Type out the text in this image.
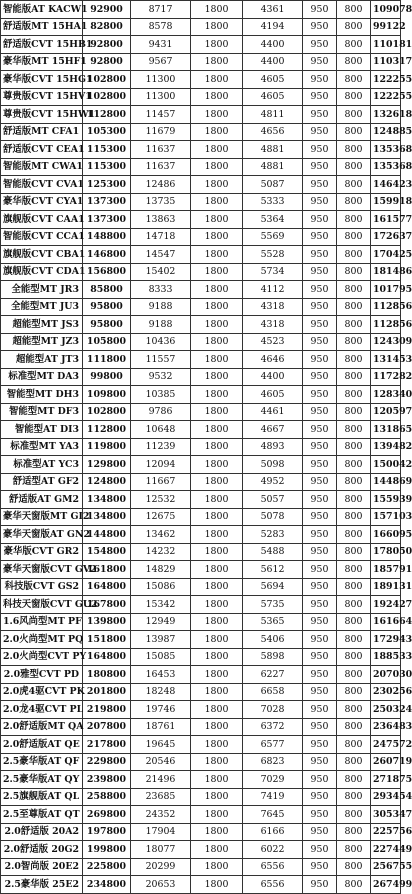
智能版AT KACW1	92900	8717	1800	4361	950	800	109078
舒适版MT 15HA1	82800	8578	1800	4194	950	800	99122
舒适版CVT 15HB1	92800	9431	1800	4400	950	800	110181
豪华版MT 15HF1	92800	9567	1800	4400	950	800	110317
豪华版CVT 15HG1	102800	11300	1800	4605	950	800	122255
尊贵版CVT 15HV1	102800	11300	1800	4605	950	800	122255
尊贵版CVT 15HW1	112800	11457	1800	4811	950	800	132618
舒适版MT CFA1	105300	11679	1800	4656	950	800	124885
舒适版CVT CEA1	115300	11637	1800	4881	950	800	135368
智能版MT CWA1	115300	11637	1800	4881	950	800	135368
智能版CVT CVA1	125300	12486	1800	5087	950	800	146423
豪华版CVT CYA1	137300	13735	1800	5333	950	800	159918
旗舰版CVT CAA1	137300	13863	1800	5364	950	800	161577
智能版CVT CCA1	148800	14718	1800	5569	950	800	172637
旗舰版CVT CBA1	146800	14547	1800	5528	950	800	170425
旗舰版CVT CDA1	156800	15402	1800	5734	950	800	181486
全能型MT JR3	85800	8333	1800	4112	950	800	101795
全能型MT JU3	95800	9188	1800	4318	950	800	112856
超能型MT JS3	95800	9188	1800	4318	950	800	112856
超能型MT JZ3	105800	10436	1800	4523	950	800	124309
超能型AT JT3	111800	11557	1800	4646	950	800	131453
标准型MT DA3	99800	9532	1800	4400	950	800	117282
智能型MT DH3	109800	10385	1800	4605	950	800	128340
智能型MT DF3	102800	9786	1800	4461	950	800	120597
智能型AT DI3	112800	10648	1800	4667	950	800	131865
标准型MT YA3	119800	11239	1800	4893	950	800	139482
标准型AT YC3	129800	12094	1800	5098	950	800	150042
舒适型AT GF2	124800	11667	1800	4952	950	800	144869
舒适版AT GM2	134800	12532	1800	5057	950	800	155939
豪华天窗版MT GI2	134800	12675	1800	5078	950	800	157103
豪华天窗版AT GN2	144800	13462	1800	5283	950	800	166095
豪华版CVT GR2	154800	14232	1800	5488	950	800	178050
豪华天窗版CVT GV2	161800	14829	1800	5612	950	800	185791
科技版CVT GS2	164800	15086	1800	5694	950	800	189131
科技天窗版CVT GU2	167800	15342	1800	5735	950	800	192427
1.6风尚型MT PF	139800	12949	1800	5365	950	800	161664
2.0火尚型MT PQ	151800	13987	1800	5406	950	800	172943
2.0火尚型CVT PY	164800	15085	1800	5898	950	800	188533
2.0雅型CVT PD	180800	16453	1800	6227	950	800	207030
2.0虎4驱CVT PK	201800	18248	1800	6658	950	800	230256
2.0龙4驱CVT PL	219800	19746	1800	7028	950	800	250324
2.0舒适版MT QA	207800	18761	1800	6372	950	800	236483
2.0舒适版AT QE	217800	19645	1800	6577	950	800	247572
2.5豪华版AT QF	229800	20546	1800	6823	950	800	260719
2.5豪华版AT QY	239800	21496	1800	7029	950	800	271875
2.5旗舰版AT QL	258800	23685	1800	7419	950	800	293454
2.5至尊版AT QT	269800	24352	1800	7645	950	800	305347
2.0舒适版 20A2	197800	17904	1800	6166	950	800	225756
2.0舒适版 20G2	199800	18077	1800	6022	950	800	227449
2.0智尚版 20E2	225800	20299	1800	6556	950	800	256755
2.5豪华版 25E2	234800	20653	1800	6556	950	800	267499
